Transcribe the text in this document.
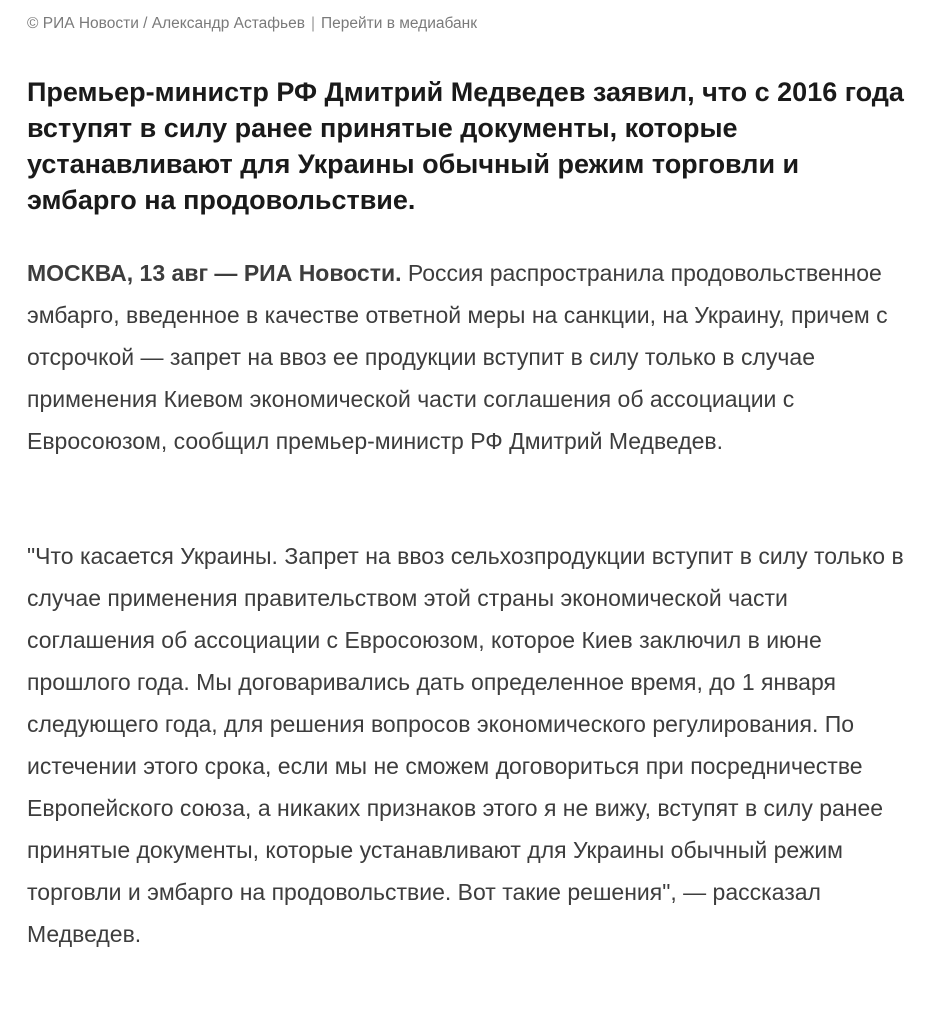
© РИА Новости / Александр Астафьев | Перейти в медиабанк
Премьер-министр РФ Дмитрий Медведев заявил, что с 2016 года вступят в силу ранее принятые документы, которые устанавливают для Украины обычный режим торговли и эмбарго на продовольствие.

МОСКВА, 13 авг — РИА Новости. Россия распространила продовольственное эмбарго, введенное в качестве ответной меры на санкции, на Украину, причем с отсрочкой — запрет на ввоз ее продукции вступит в силу только в случае применения Киевом экономической части соглашения об ассоциации с Евросоюзом, сообщил премьер-министр РФ Дмитрий Медведев.

"Что касается Украины. Запрет на ввоз сельхозпродукции вступит в силу только в случае применения правительством этой страны экономической части соглашения об ассоциации с Евросоюзом, которое Киев заключил в июне прошлого года. Мы договаривались дать определенное время, до 1 января следующего года, для решения вопросов экономического регулирования. По истечении этого срока, если мы не сможем договориться при посредничестве Европейского союза, а никаких признаков этого я не вижу, вступят в силу ранее принятые документы, которые устанавливают для Украины обычный режим торговли и эмбарго на продовольствие. Вот такие решения", — рассказал Медведев.
